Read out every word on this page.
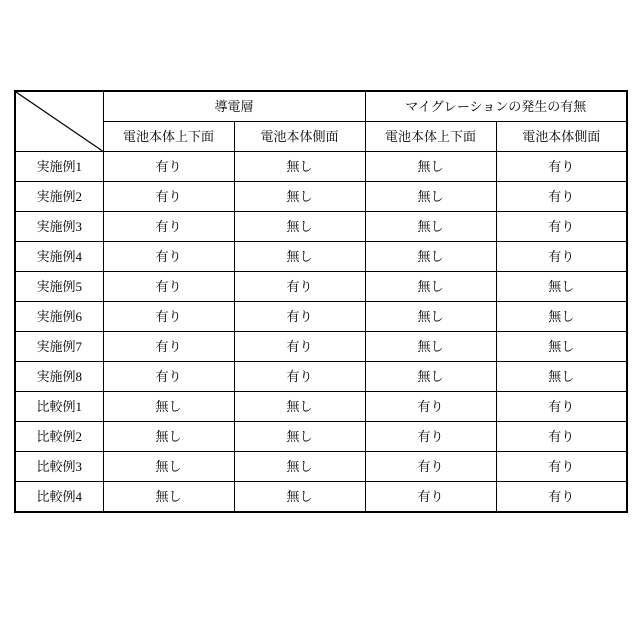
	導電層		マイグレーションの発生の有無	
	電池本体上下面	電池本体側面	電池本体上下面	電池本体側面
実施例1	有り	無し	無し	有り
実施例2	有り	無し	無し	有り
実施例3	有り	無し	無し	有り
実施例4	有り	無し	無し	有り
実施例5	有り	有り	無し	無し
実施例6	有り	有り	無し	無し
実施例7	有り	有り	無し	無し
実施例8	有り	有り	無し	無し
比較例1	無し	無し	有り	有り
比較例2	無し	無し	有り	有り
比較例3	無し	無し	有り	有り
比較例4	無し	無し	有り	有り
